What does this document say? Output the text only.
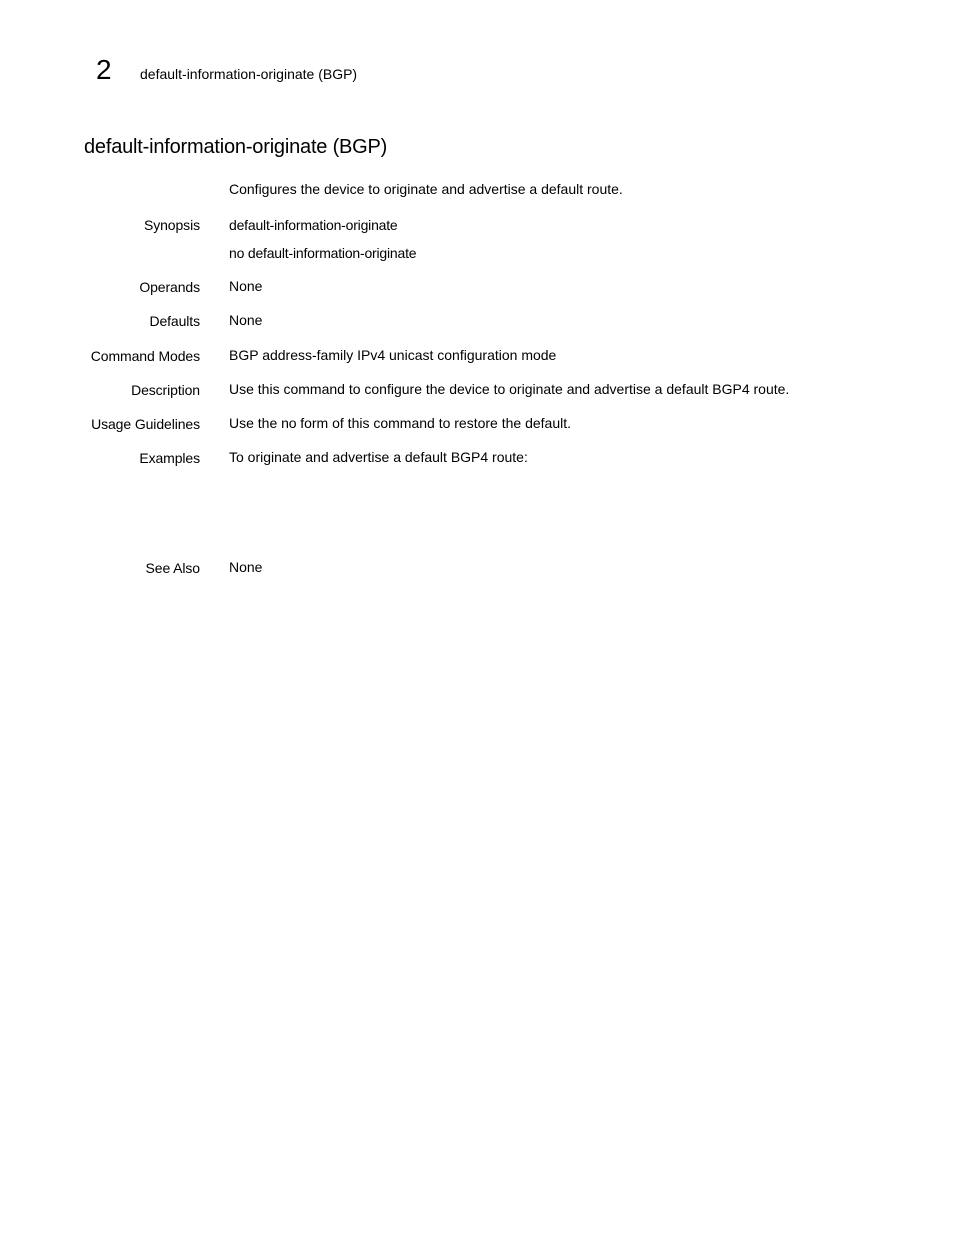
2 default-information-originate (BGP)
default-information-originate (BGP)
Configures the device to originate and advertise a default route.
Synopsis default-information-originate
no default-information-originate
Operands None
Defaults None
Command Modes BGP address-family IPv4 unicast configuration mode
Description Use this command to configure the device to originate and advertise a default BGP4 route.
Usage Guidelines Use the no form of this command to restore the default.
Examples To originate and advertise a default BGP4 route:
See Also None
